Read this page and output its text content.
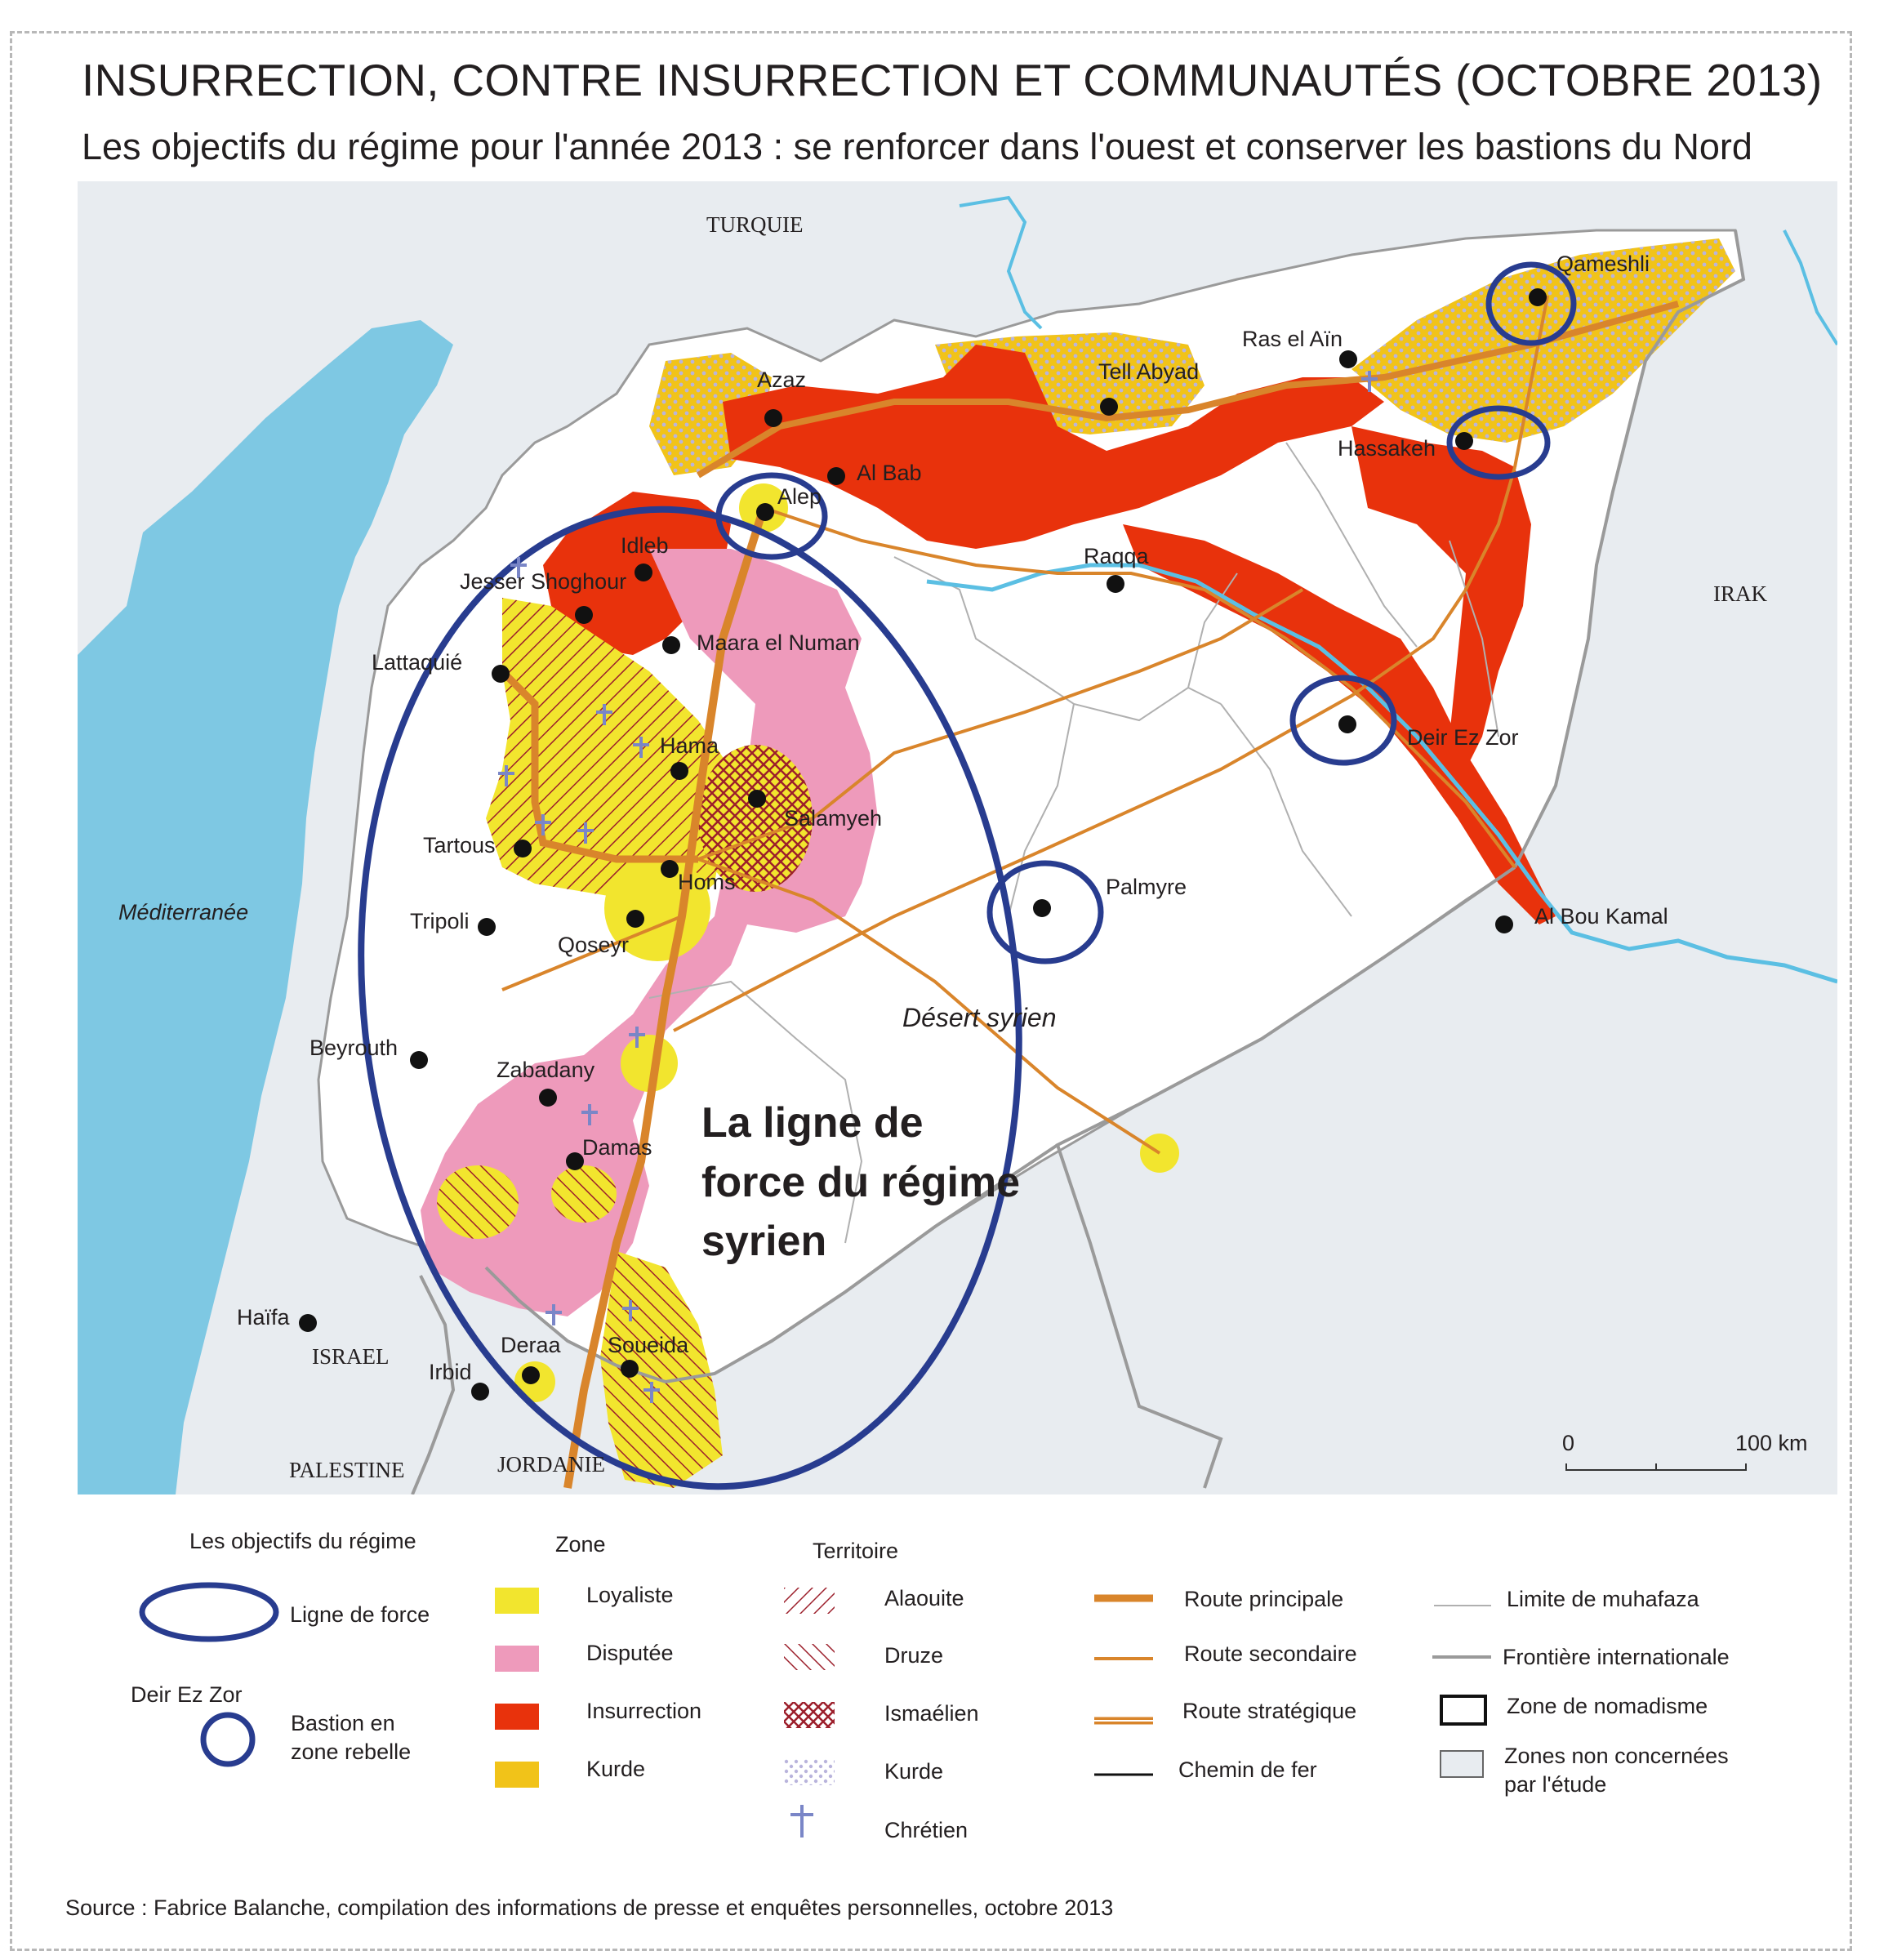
INSURRECTION, CONTRE INSURRECTION ET COMMUNAUTÉS (OCTOBRE 2013)
Les objectifs du régime pour l'année 2013 : se renforcer dans l'ouest et conserver les bastions du Nord
TURQUIE
IRAK
ISRAEL
PALESTINE	JORDANIE
Méditerranée
Désert syrien
La ligne de
force du régime
syrien
Qameshli
Ras el Aïn
Tell Abyad
Azaz
Al Bab
Alep
Idleb
Jesser Shoghour
Hassakeh
Raqqa
Maara el Numan
Lattaquié
Hama	Deir Ez Zor
Salamyeh
Tartous
Homs
Tripoli
Qoseyr
Palmyre
Al Bou Kamal
Beyrouth
Zabadany
Damas
Haïfa
Deraa Soueida
Irbid
0	100 km
Les objectifs du régime
Ligne de force
Deir Ez Zor
Bastion en
zone rebelle
Zone
Loyaliste
Disputée
Insurrection
Kurde
Territoire
Alaouite
Druze
Ismaélien
Kurde
Chrétien
Route principale
Route secondaire
Route stratégique
Chemin de fer
Limite de muhafaza
Frontière internationale
Zone de nomadisme
Zones non concernées
par l'étude
Source : Fabrice Balanche, compilation des informations de presse et enquêtes personnelles, octobre 2013
